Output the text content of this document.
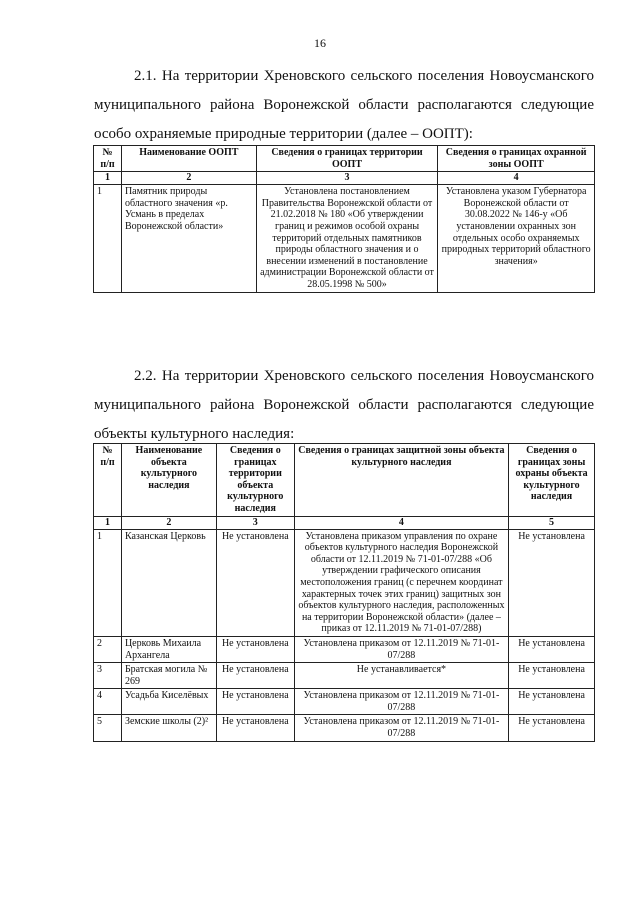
16

2.1. На территории Хреновского сельского поселения Новоусманского муниципального района Воронежской области располагаются следующие особо охраняемые природные территории (далее – ООПТ):

№ п/п	Наименование ООПТ	Сведения о границах территории ООПТ	Сведения о границах охранной зоны ООПТ
1	2	3	4
1	Памятник природы областного значения «р. Усмань в пределах Воронежской области»	Установлена постановлением Правительства Воронежской области от 21.02.2018 № 180 «Об утверждении границ и режимов особой охраны территорий отдельных памятников природы областного значения и о внесении изменений в постановление администрации Воронежской области от 28.05.1998 № 500»	Установлена указом Губернатора Воронежской области от 30.08.2022 № 146-у «Об установлении охранных зон отдельных особо охраняемых природных территорий областного значения»

2.2. На территории Хреновского сельского поселения Новоусманского муниципального района Воронежской области располагаются следующие объекты культурного наследия:

№ п/п	Наименование объекта культурного наследия	Сведения о границах территории объекта культурного наследия	Сведения о границах защитной зоны объекта культурного наследия	Сведения о границах зоны охраны объекта культурного наследия
1	2	3	4	5
1	Казанская Церковь	Не установлена	Установлена приказом управления по охране объектов культурного наследия Воронежской области от 12.11.2019 № 71-01-07/288 «Об утверждении графического описания местоположения границ (с перечнем координат характерных точек этих границ) защитных зон объектов культурного наследия, расположенных на территории Воронежской области» (далее – приказ от 12.11.2019 № 71-01-07/288)	Не установлена
2	Церковь Михаила Архангела	Не установлена	Установлена приказом от 12.11.2019 № 71-01-07/288	Не установлена
3	Братская могила № 269	Не установлена	Не устанавливается*	Не установлена
4	Усадьба Киселёвых	Не установлена	Установлена приказом от 12.11.2019 № 71-01-07/288	Не установлена
5	Земские школы (2)²	Не установлена	Установлена приказом от 12.11.2019 № 71-01-07/288	Не установлена
